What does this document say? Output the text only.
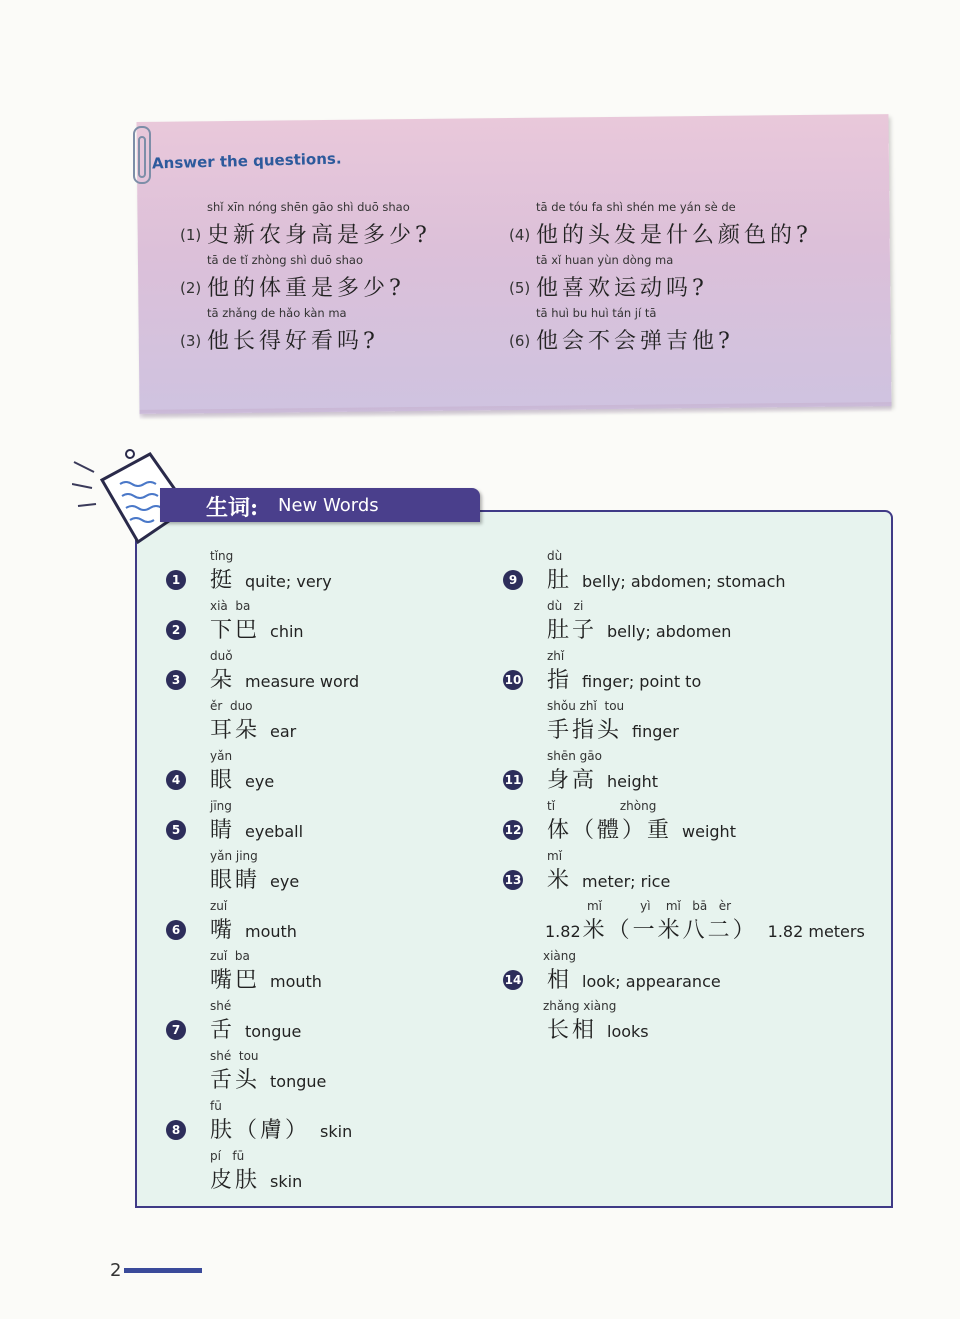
Answer the questions.
shǐ xīn nóng shēn gāo shì duō shao
(1) 史新农身高是多少?
tā de tǐ zhòng shì duō shao
(2) 他的体重是多少?
tā zhǎng de hǎo kàn ma
(3) 他长得好看吗?
tā de tóu fa shì shén me yán sè de
(4) 他的头发是什么颜色的?
tā xǐ huan yùn dòng ma
(5) 他喜欢运动吗?
tā huì bu huì tán jí tā
(6) 他会不会弹吉他?
生词: New Words
1
tǐng
挺 quite; very
2
xià  ba
下巴 chin
3
duǒ
朵 measure word
ěr  duo
耳朵 ear
4
yǎn
眼 eye
5
jīng
睛 eyeball
yǎn jing
眼睛 eye
6
zuǐ
嘴 mouth
zuǐ  ba
嘴巴 mouth
7
shé
舌 tongue
shé  tou
舌头 tongue
8
fū
肤（膚） skin
pí   fū
皮肤 skin
9
dù
肚 belly; abdomen; stomach
dù   zi
肚子 belly; abdomen
10
zhǐ
指 finger; point to
shǒu zhǐ  tou
手指头 finger
11
shēn gāo
身高 height
12
tǐ                 zhòng
体（體）重 weight
13
mǐ
米 meter; rice
mǐ          yì    mǐ   bā   èr
1.82米（一米八二） 1.82 meters
14
xiàng
相 look; appearance
zhǎng xiàng
长相 looks
2
